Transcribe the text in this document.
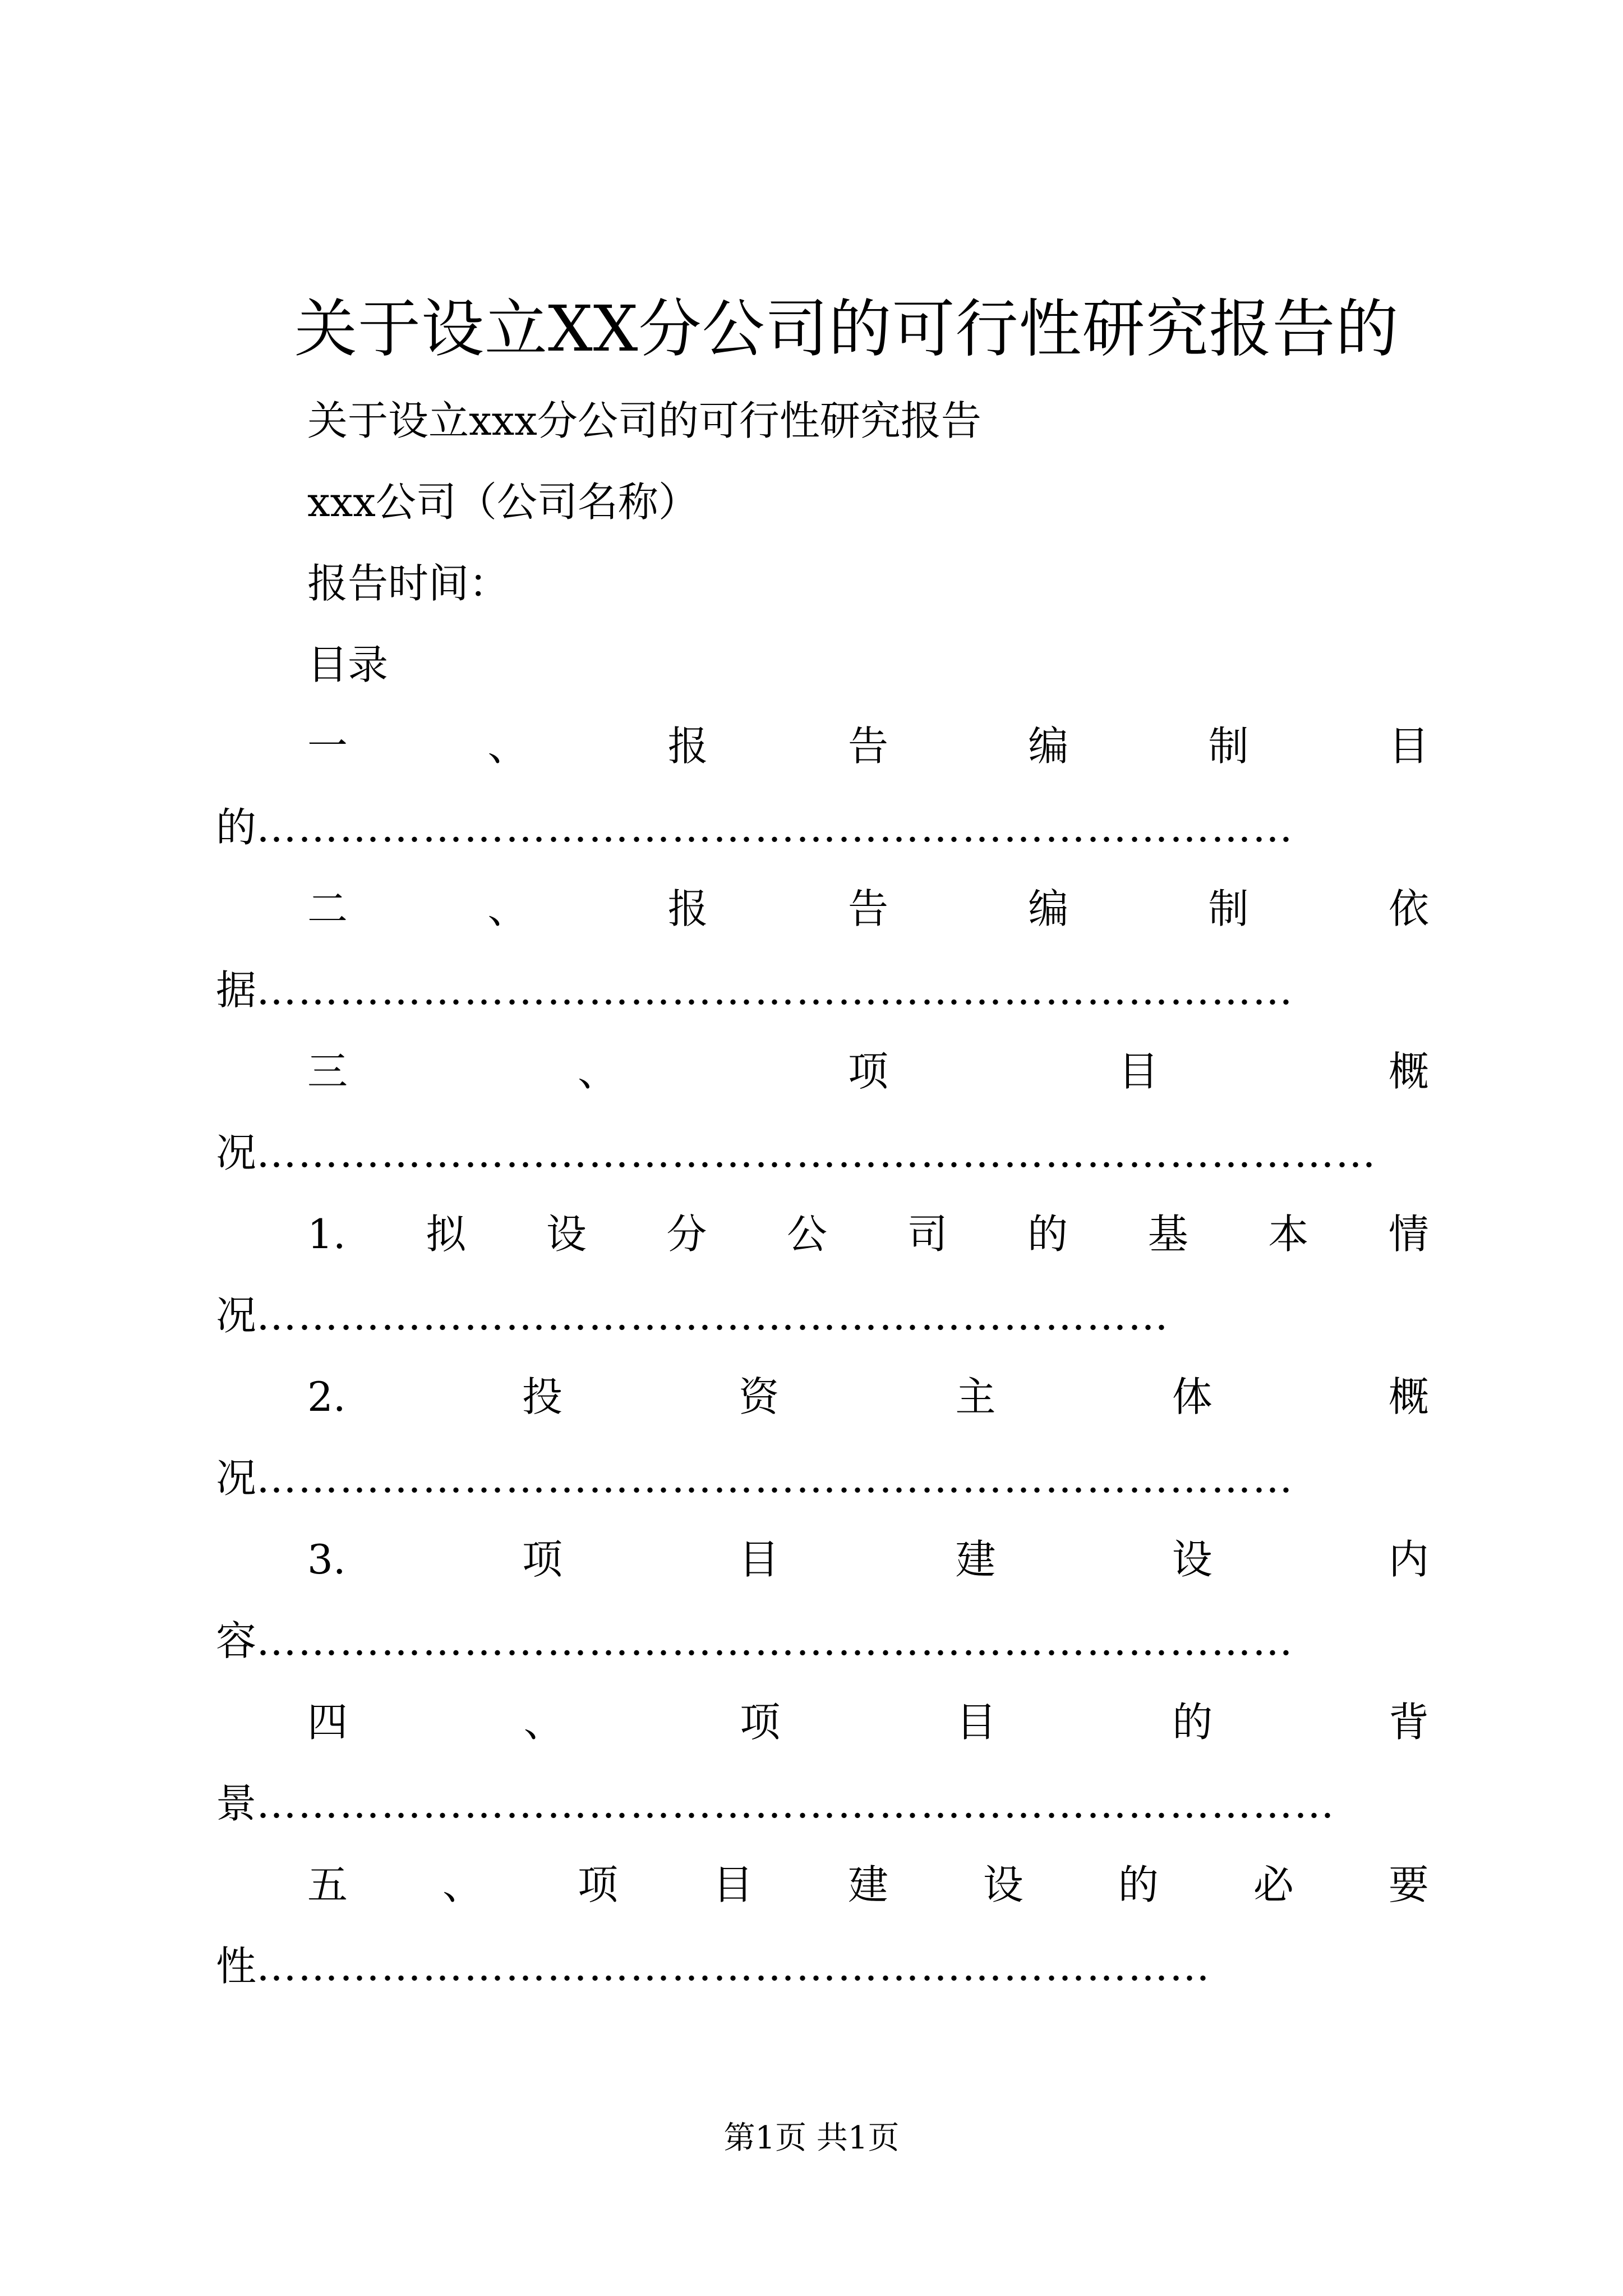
关于设立XX分公司的可行性研究报告的
关于设立xxx分公司的可行性研究报告
xxx公司（公司名称）
报告时间：
目录
一	、	报	告	编	制	目
的…………………………………………………………………
二	、	报	告	编	制	依
据…………………………………………………………………
三	、	项	目	概
况………………………………………………………………………
1. 拟 设 分 公 司 的 基 本 情
况…………………………………………………………
2.	投	资	主	体	概
况…………………………………………………………………
3.	项	目	建	设	内
容…………………………………………………………………
四	、	项	目	的	背
景……………………………………………………………………
五 、 项 目 建 设 的 必 要
性……………………………………………………………
第1页 共1页
